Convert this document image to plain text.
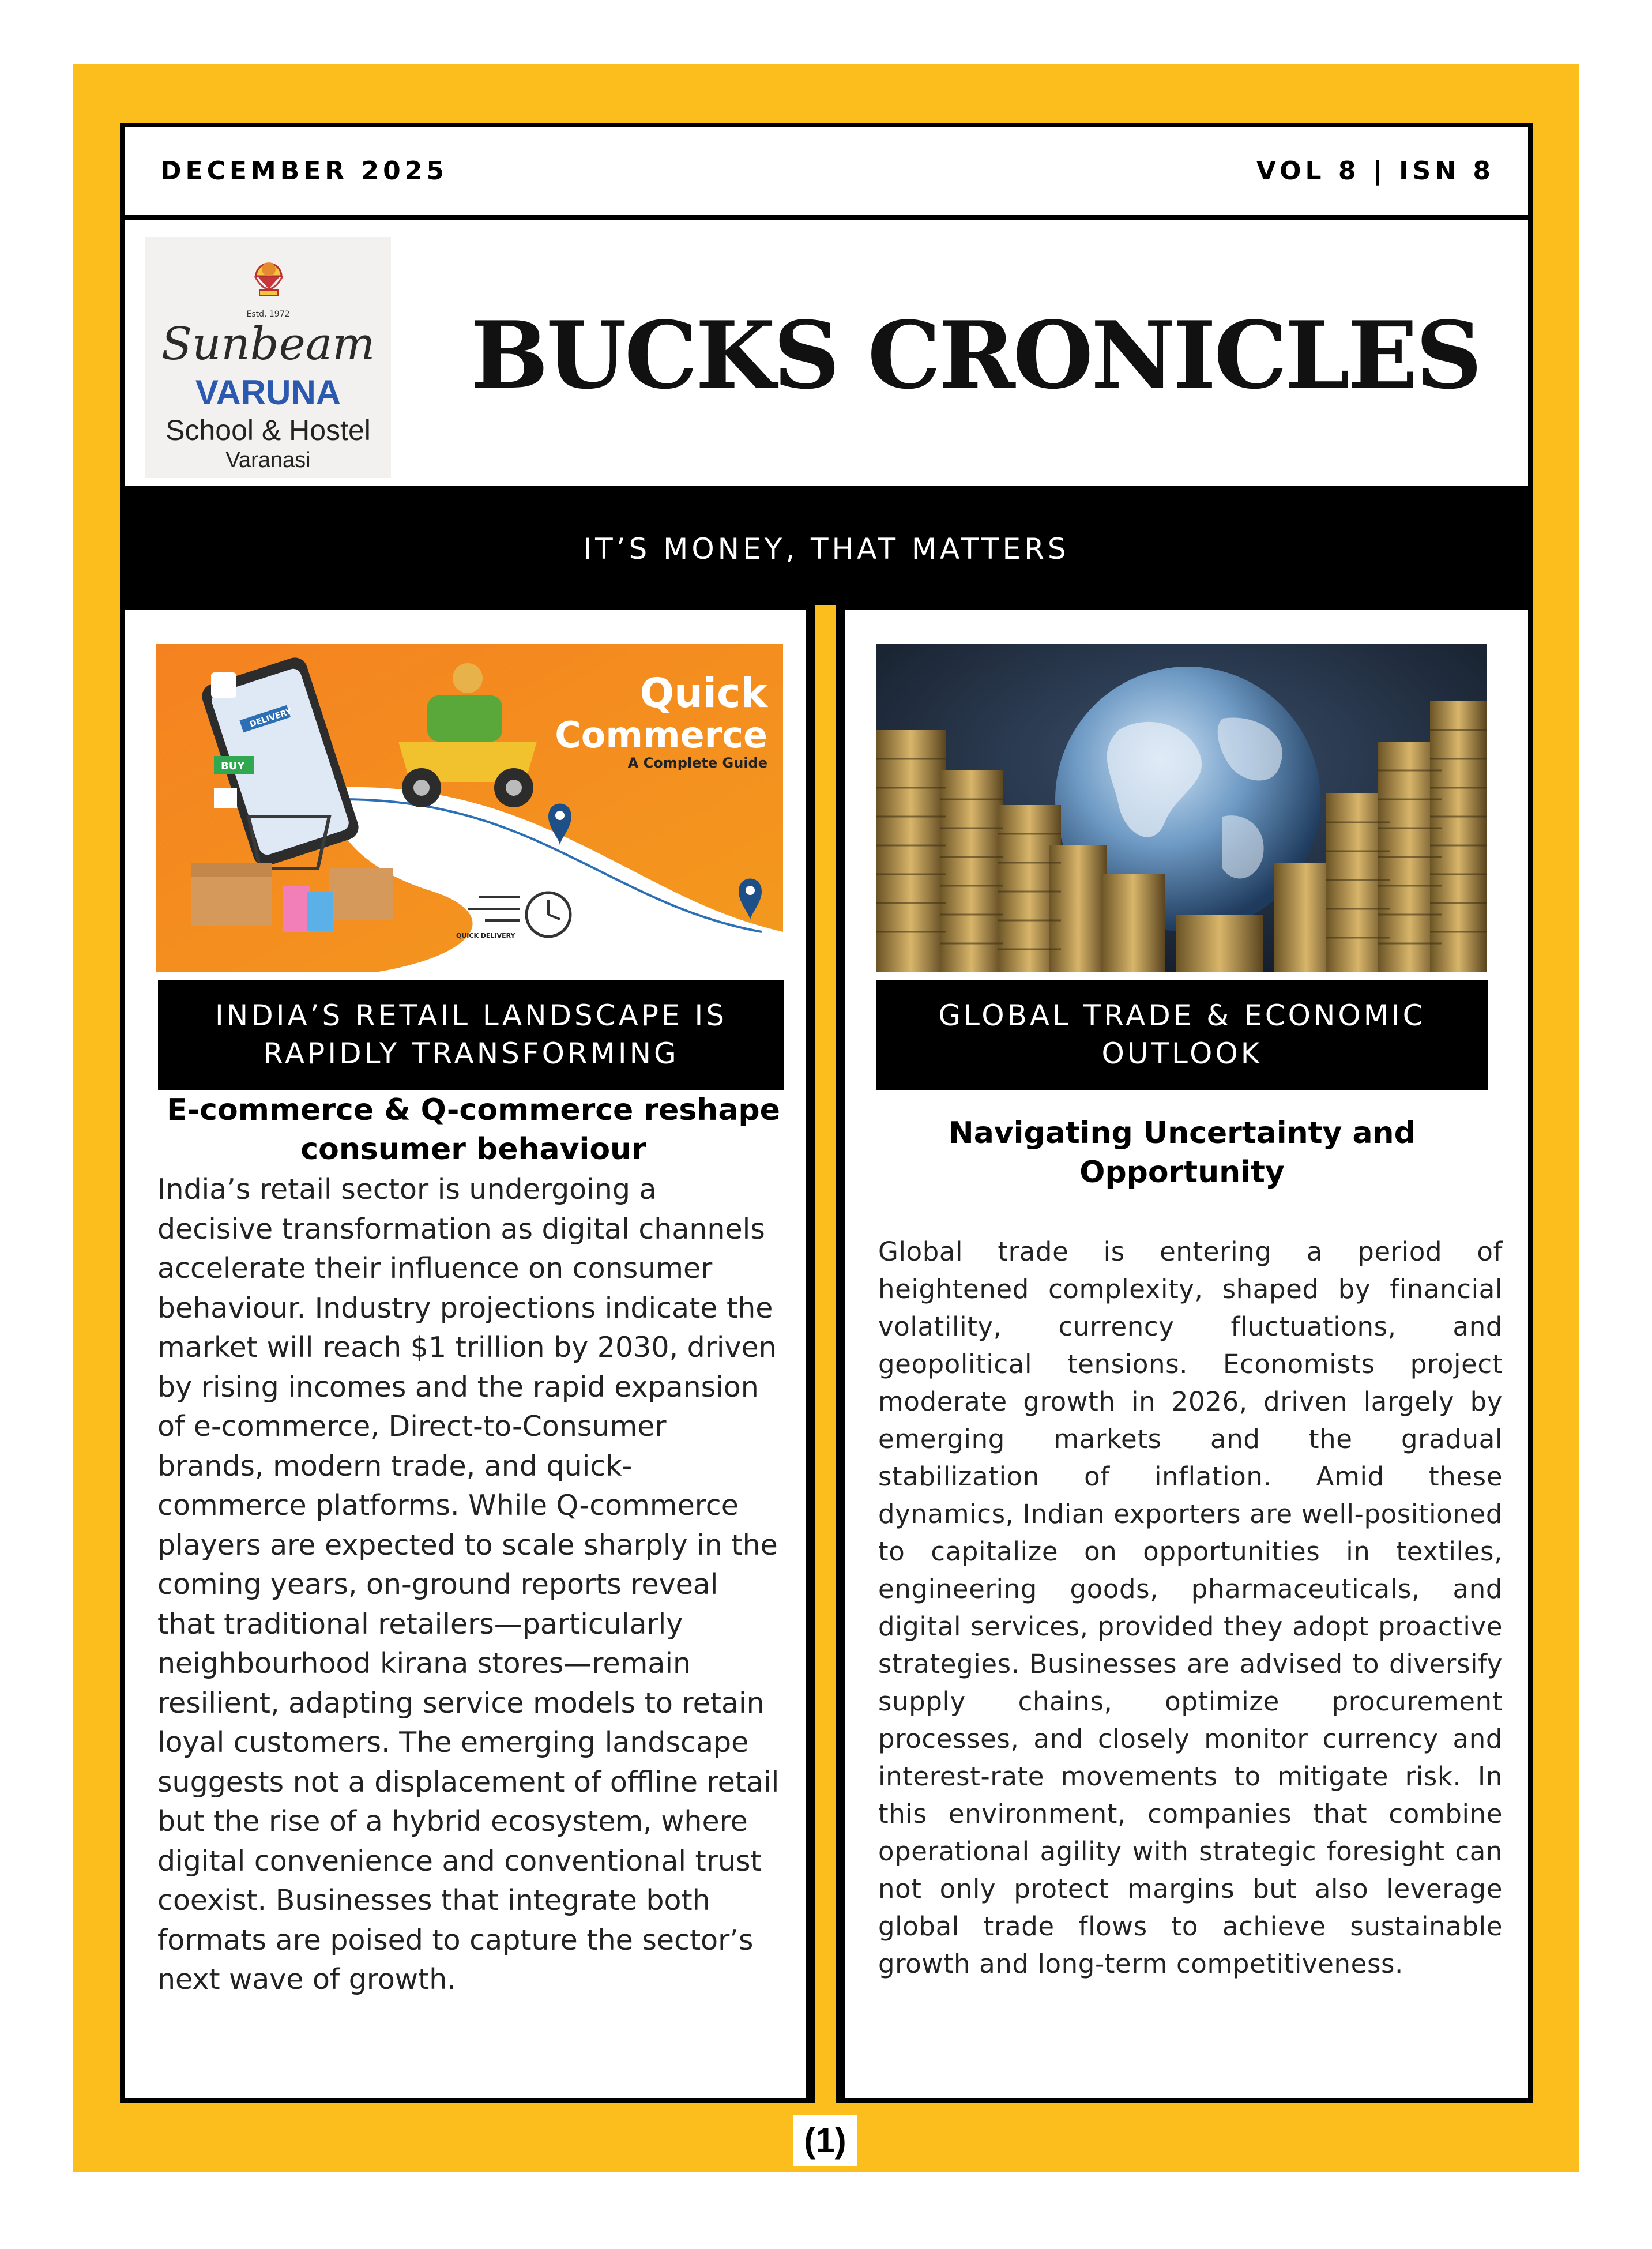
DECEMBER 2025	VOL 8 | ISN 8
Estd. 1972
Sunbeam
VARUNA
School & Hostel
Varanasi
BUCKS CRONICLES
IT’S MONEY, THAT MATTERS
DELIVERY
BUY
QUICK DELIVERY
Quick
Commerce
A Complete Guide
INDIA’S RETAIL LANDSCAPE IS RAPIDLY TRANSFORMING
E-commerce & Q-commerce reshape consumer behaviour
India’s retail sector is undergoing a decisive transformation as digital channels accelerate their influence on consumer behaviour. Industry projections indicate the market will reach $1 trillion by 2030, driven by rising incomes and the rapid expansion of e-commerce, Direct-to-Consumer brands, modern trade, and quick-commerce platforms. While Q-commerce players are expected to scale sharply in the coming years, on-ground reports reveal that traditional retailers—particularly neighbourhood kirana stores—remain resilient, adapting service models to retain loyal customers. The emerging landscape suggests not a displacement of offline retail but the rise of a hybrid ecosystem, where digital convenience and conventional trust coexist. Businesses that integrate both formats are poised to capture the sector’s next wave of growth.
GLOBAL TRADE & ECONOMIC OUTLOOK
Navigating Uncertainty and Opportunity
Global trade is entering a period of heightened complexity, shaped by financial volatility, currency fluctuations, and geopolitical tensions. Economists project moderate growth in 2026, driven largely by emerging markets and the gradual stabilization of inflation. Amid these dynamics, Indian exporters are well-positioned to capitalize on opportunities in textiles, engineering goods, pharmaceuticals, and digital services, provided they adopt proactive strategies. Businesses are advised to diversify supply chains, optimize procurement processes, and closely monitor currency and interest-rate movements to mitigate risk. In this environment, companies that combine operational agility with strategic foresight can not only protect margins but also leverage global trade flows to achieve sustainable growth and long-term competitiveness.
(1)
